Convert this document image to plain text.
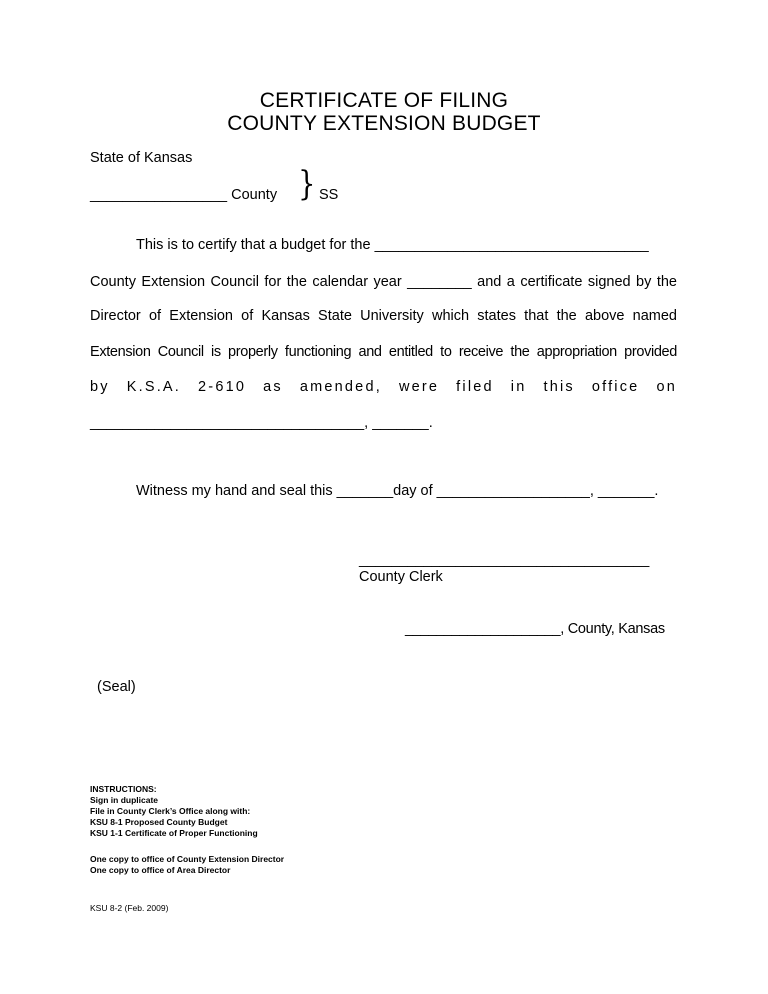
CERTIFICATE OF FILING
COUNTY EXTENSION BUDGET
State of Kansas
_________________ County } SS
This is to certify that a budget for the __________________________________
County Extension Council for the calendar year ________ and a certificate signed by the
Director of Extension of Kansas State University which states that the above named
Extension Council is properly functioning and entitled to receive the appropriation provided
by K.S.A. 2-610 as amended, were filed in this office on
__________________________________, _______.
Witness my hand and seal this _______day of ___________________, _______.
____________________________________
County Clerk
____________________, County, Kansas
(Seal)
INSTRUCTIONS:
Sign in duplicate
File in County Clerk’s Office along with:
KSU 8-1 Proposed County Budget
KSU 1-1 Certificate of Proper Functioning
One copy to office of County Extension Director
One copy to office of Area Director
KSU 8-2 (Feb. 2009)
